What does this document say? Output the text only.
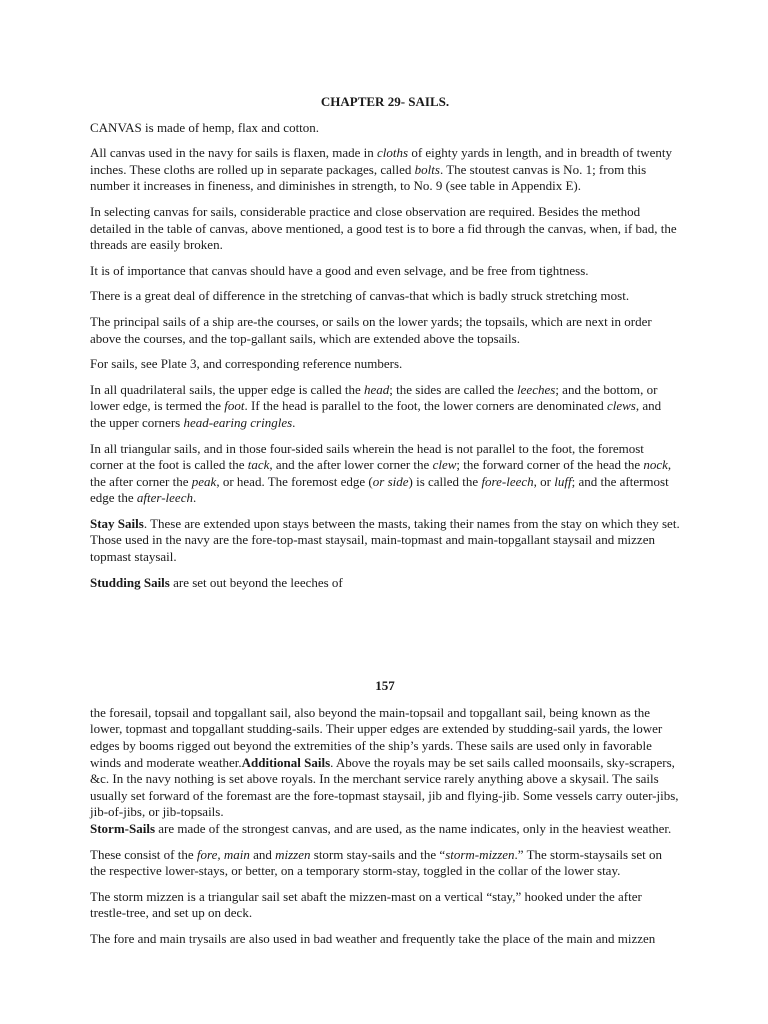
CHAPTER 29- SAILS.

CANVAS is made of hemp, flax and cotton.

All canvas used in the navy for sails is flaxen, made in cloths of eighty yards in length, and in breadth of twenty inches. These cloths are rolled up in separate packages, called bolts. The stoutest canvas is No. 1; from this number it increases in fineness, and diminishes in strength, to No. 9 (see table in Appendix E).

In selecting canvas for sails, considerable practice and close observation are required. Besides the method detailed in the table of canvas, above mentioned, a good test is to bore a fid through the canvas, when, if bad, the threads are easily broken.

It is of importance that canvas should have a good and even selvage, and be free from tightness.

There is a great deal of difference in the stretching of canvas-that which is badly struck stretching most.

The principal sails of a ship are-the courses, or sails on the lower yards; the topsails, which are next in order above the courses, and the top-gallant sails, which are extended above the topsails.

For sails, see Plate 3, and corresponding reference numbers.

In all quadrilateral sails, the upper edge is called the head; the sides are called the leeches; and the bottom, or lower edge, is termed the foot. If the head is parallel to the foot, the lower corners are denominated clews, and the upper corners head-earing cringles.

In all triangular sails, and in those four-sided sails wherein the head is not parallel to the foot, the foremost corner at the foot is called the tack, and the after lower corner the clew; the forward corner of the head the nock, the after corner the peak, or head. The foremost edge (or side) is called the fore-leech, or luff; and the aftermost edge the after-leech.

Stay Sails. These are extended upon stays between the masts, taking their names from the stay on which they set. Those used in the navy are the fore-top-mast staysail, main-topmast and main-topgallant staysail and mizzen topmast staysail.

Studding Sails are set out beyond the leeches of

157

the foresail, topsail and topgallant sail, also beyond the main-topsail and topgallant sail, being known as the lower, topmast and topgallant studding-sails. Their upper edges are extended by studding-sail yards, the lower edges by booms rigged out beyond the extremities of the ship’s yards. These sails are used only in favorable winds and moderate weather.Additional Sails. Above the royals may be set sails called moonsails, sky-scrapers, &c. In the navy nothing is set above royals. In the merchant service rarely anything above a skysail. The sails usually set forward of the foremast are the fore-topmast staysail, jib and flying-jib. Some vessels carry outer-jibs, jib-of-jibs, or jib-topsails.

Storm-Sails are made of the strongest canvas, and are used, as the name indicates, only in the heaviest weather.

These consist of the fore, main and mizzen storm stay-sails and the “storm-mizzen.” The storm-staysails set on the respective lower-stays, or better, on a temporary storm-stay, toggled in the collar of the lower stay.

The storm mizzen is a triangular sail set abaft the mizzen-mast on a vertical “stay,” hooked under the after trestle-tree, and set up on deck.

The fore and main trysails are also used in bad weather and frequently take the place of the main and mizzen
